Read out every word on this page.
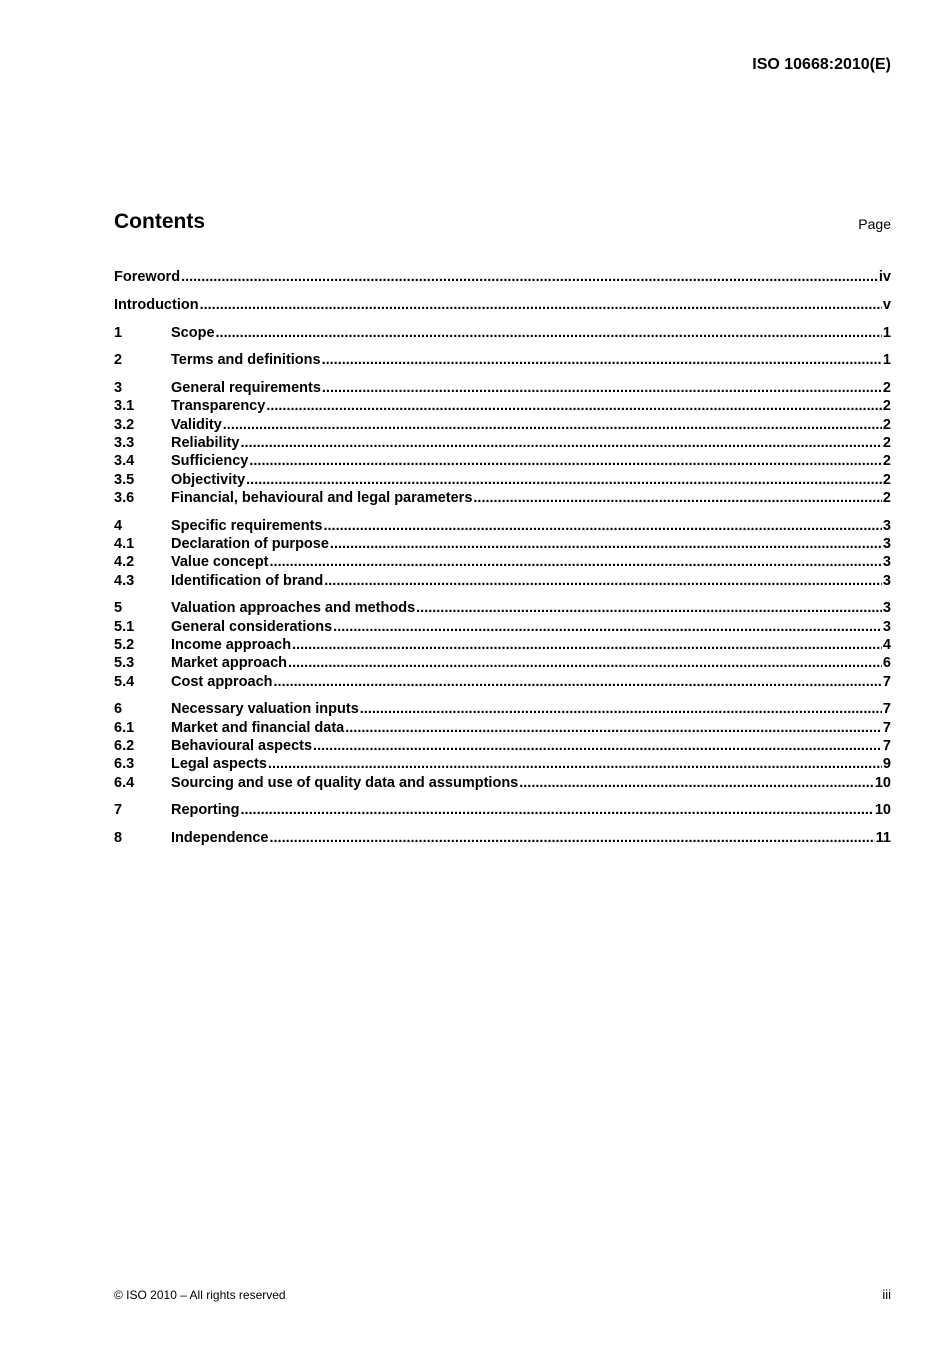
ISO 10668:2010(E)
Contents	Page
Foreword .....	iv
Introduction .....	v
1	Scope .....	1
2	Terms and definitions .....	1
3	General requirements .....	2
3.1	Transparency .....	2
3.2	Validity .....	2
3.3	Reliability .....	2
3.4	Sufficiency .....	2
3.5	Objectivity .....	2
3.6	Financial, behavioural and legal parameters .....	2
4	Specific requirements .....	3
4.1	Declaration of purpose .....	3
4.2	Value concept .....	3
4.3	Identification of brand .....	3
5	Valuation approaches and methods .....	3
5.1	General considerations .....	3
5.2	Income approach .....	4
5.3	Market approach .....	6
5.4	Cost approach .....	7
6	Necessary valuation inputs .....	7
6.1	Market and financial data .....	7
6.2	Behavioural aspects .....	7
6.3	Legal aspects .....	9
6.4	Sourcing and use of quality data and assumptions .....	10
7	Reporting .....	10
8	Independence .....	11
© ISO 2010 – All rights reserved	iii
